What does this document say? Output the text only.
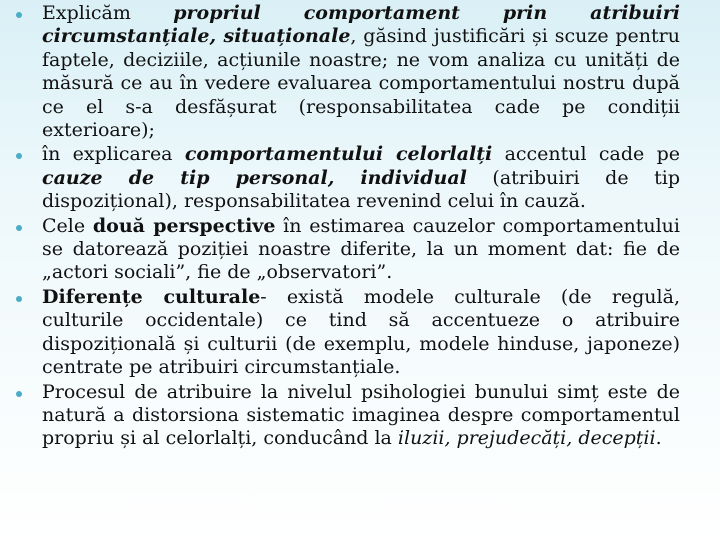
Explicăm propriul comportament prin atribuiri circumstanțiale, situaționale, găsind justificări și scuze pentru faptele, deciziile, acțiunile noastre; ne vom analiza cu unități de măsură ce au în vedere evaluarea comportamentului nostru după ce el s-a desfășurat (responsabilitatea cade pe condiții exterioare);
în explicarea comportamentului celorlalți accentul cade pe cauze de tip personal, individual (atribuiri de tip dispozițional), responsabilitatea revenind celui în cauză.
Cele două perspective în estimarea cauzelor comportamentului se datorează poziției noastre diferite, la un moment dat: fie de „actori sociali”, fie de „observatori”.
Diferențe culturale- există modele culturale (de regulă, culturile occidentale) ce tind să accentueze o atribuire dispozițională și culturii (de exemplu, modele hinduse, japoneze) centrate pe atribuiri circumstanțiale.
Procesul de atribuire la nivelul psihologiei bunului simț este de natură a distorsiona sistematic imaginea despre comportamentul propriu și al celorlalți, conducând la iluzii, prejudecăți, decepții.
